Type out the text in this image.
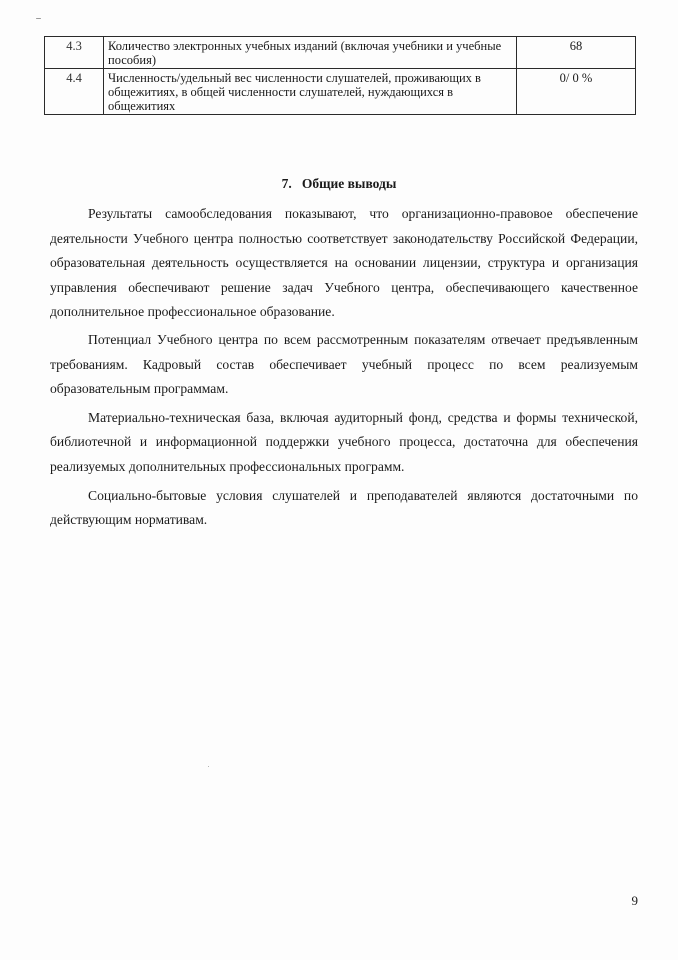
4.3	Количество электронных учебных изданий (включая учебники и учебные пособия)	68
4.4	Численность/удельный вес численности слушателей, проживающих в общежитиях, в общей численности слушателей, нуждающихся в общежитиях	0/ 0 %
7.   Общие выводы

Результаты самообследования показывают, что организационно-правовое обеспечение деятельности Учебного центра полностью соответствует законодательству Российской Федерации, образовательная деятельность осуществляется на основании лицензии, структура и организация управления обеспечивают решение задач Учебного центра, обеспечивающего качественное дополнительное профессиональное образование.

Потенциал Учебного центра по всем рассмотренным показателям отвечает предъявленным требованиям. Кадровый состав обеспечивает учебный процесс по всем реализуемым образовательным программам.

Материально-техническая база, включая аудиторный фонд, средства и формы технической, библиотечной и информационной поддержки учебного процесса, достаточна для обеспечения реализуемых дополнительных профессиональных программ.

Социально-бытовые условия слушателей и преподавателей являются достаточными по действующим нормативам.

9
